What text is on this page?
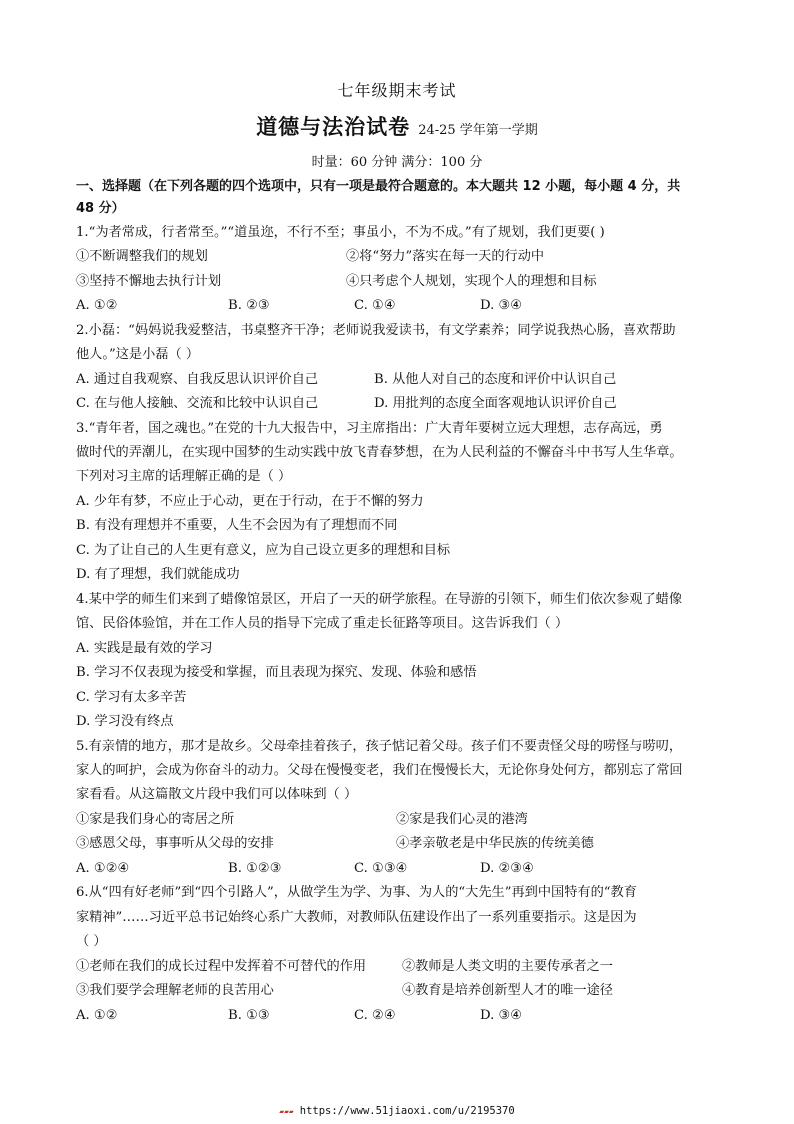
七年级期末考试
道德与法治试卷 24-25 学年第一学期
时量：60 分钟 满分：100 分
一、选择题（在下列各题的四个选项中，只有一项是最符合题意的。本大题共 12 小题，每小题 4 分，共
48 分）
1.“为者常成，行者常至。”“道虽迩，不行不至；事虽小，不为不成。”有了规划，我们更要( )
①不断调整我们的规划	②将“努力”落实在每一天的行动中
③坚持不懈地去执行计划	④只考虑个人规划，实现个人的理想和目标
A. ①②	B. ②③	C. ①④	D. ③④
2.小磊：“妈妈说我爱整洁，书桌整齐干净；老师说我爱读书，有文学素养；同学说我热心肠，喜欢帮助
他人。”这是小磊（ ）
A. 通过自我观察、自我反思认识评价自己	B. 从他人对自己的态度和评价中认识自己
C. 在与他人接触、交流和比较中认识自己	D. 用批判的态度全面客观地认识评价自己
3.“青年者，国之魂也。”在党的十九大报告中，习主席指出：广大青年要树立远大理想，志存高远，勇
做时代的弄潮儿，在实现中国梦的生动实践中放飞青春梦想，在为人民利益的不懈奋斗中书写人生华章。
下列对习主席的话理解正确的是（ ）
A. 少年有梦，不应止于心动，更在于行动，在于不懈的努力
B. 有没有理想并不重要，人生不会因为有了理想而不同
C. 为了让自己的人生更有意义，应为自己设立更多的理想和目标
D. 有了理想，我们就能成功
4.某中学的师生们来到了蜡像馆景区，开启了一天的研学旅程。在导游的引领下，师生们依次参观了蜡像
馆、民俗体验馆，并在工作人员的指导下完成了重走长征路等项目。这告诉我们（ ）
A. 实践是最有效的学习
B. 学习不仅表现为接受和掌握，而且表现为探究、发现、体验和感悟
C. 学习有太多辛苦
D. 学习没有终点
5.有亲情的地方，那才是故乡。父母牵挂着孩子，孩子惦记着父母。孩子们不要责怪父母的唠怪与唠叨，
家人的呵护，会成为你奋斗的动力。父母在慢慢变老，我们在慢慢长大，无论你身处何方，都别忘了常回
家看看。从这篇散文片段中我们可以体味到（ ）
①家是我们身心的寄居之所	②家是我们心灵的港湾
③感恩父母，事事听从父母的安排	④孝亲敬老是中华民族的传统美德
A. ①②④	B. ①②③	C. ①③④	D. ②③④
6.从“四有好老师”到“四个引路人”，从做学生为学、为事、为人的“大先生”再到中国特有的“教育
家精神”……习近平总书记始终心系广大教师，对教师队伍建设作出了一系列重要指示。这是因为
（ ）
①老师在我们的成长过程中发挥着不可替代的作用	②教师是人类文明的主要传承者之一
③我们要学会理解老师的良苦用心	④教育是培养创新型人才的唯一途径
A. ①②	B. ①③	C. ②④	D. ③④
▰▰▰ https://www.51jiaoxi.com/u/2195370
